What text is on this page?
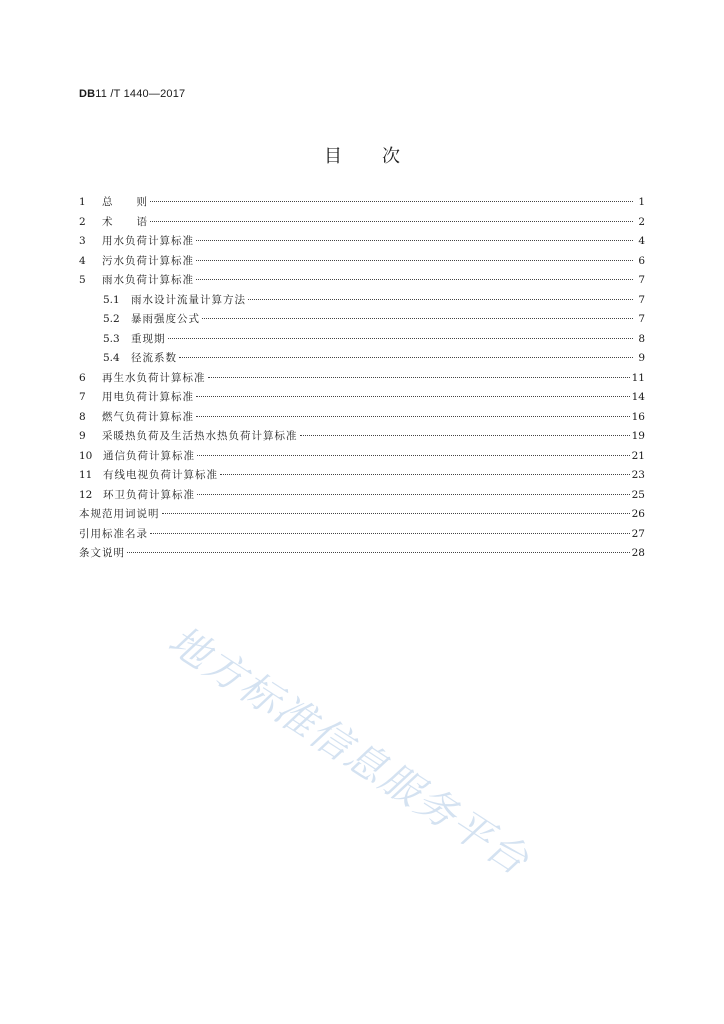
DB11 /T 1440—2017
目次
1	总　　则	1
2	术　　语	2
3	用水负荷计算标准	4
4	污水负荷计算标准	6
5	雨水负荷计算标准	7
5.1	雨水设计流量计算方法	7
5.2	暴雨强度公式	7
5.3	重现期	8
5.4	径流系数	9
6	再生水负荷计算标准	11
7	用电负荷计算标准	14
8	燃气负荷计算标准	16
9	采暖热负荷及生活热水热负荷计算标准	19
10	通信负荷计算标准	21
11	有线电视负荷计算标准	23
12	环卫负荷计算标准	25
本规范用词说明	26
引用标准名录	27
条文说明	28
地方标准信息服务平台
